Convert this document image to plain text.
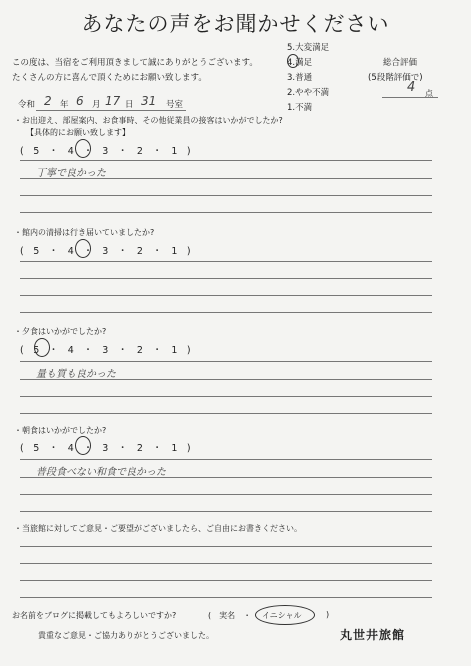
あなたの声をお聞かせください
この度は、当宿をご利用頂きまして誠にありがとうございます。
たくさんの方に喜んで頂くためにお願い致します。
5.大変満足
4.満足
3.普通
2.やや不満
1.不満
総合評価
(5段階評価で)
4 点
令和 2 年 6 月 17 日 31 号室
・お出迎え、部屋案内、お食事時、その他従業員の接客はいかがでしたか?
【具体的にお願い致します】
(　5　・　4　・　3　・　2　・　1　)
丁寧で良かった
・館内の清掃は行き届いていましたか?
(　5　・　4　・　3　・　2　・　1　)
・夕食はいかがでしたか?
(　5　・　4　・　3　・　2　・　1　)
量も質も良かった
・朝食はいかがでしたか?
(　5　・　4　・　3　・　2　・　1　)
普段食べない和食で良かった
・当旅館に対してご意見・ご要望がございましたら、ご自由にお書きください。
お名前をブログに掲載してもよろしいですか?	(　実名　・ イニシャル	)
貴重なご意見・ご協力ありがとうございました。	丸世井旅館
